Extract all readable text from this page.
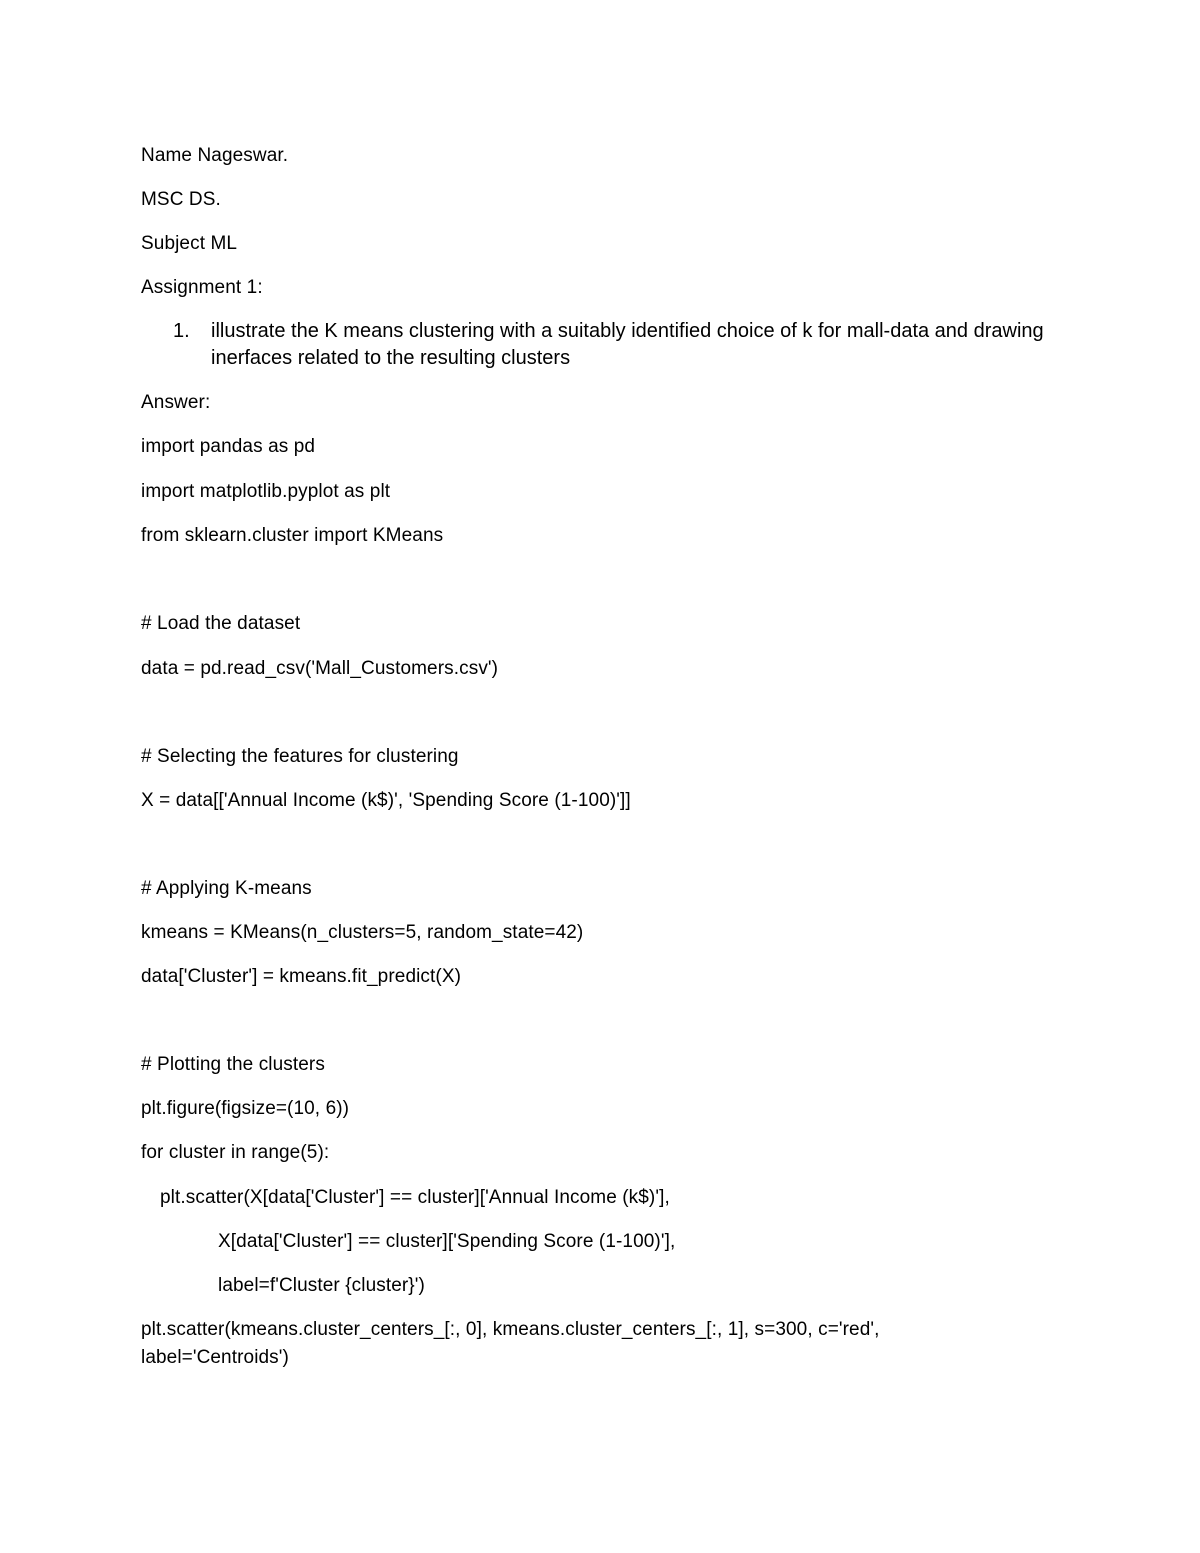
Name Nageswar.
MSC DS.
Subject ML
Assignment 1:
1. illustrate the K means clustering with a suitably identified choice of k for mall-data and drawing inerfaces related to the resulting clusters
Answer:
import pandas as pd
import matplotlib.pyplot as plt
from sklearn.cluster import KMeans
# Load the dataset
data = pd.read_csv('Mall_Customers.csv')
# Selecting the features for clustering
X = data[['Annual Income (k$)', 'Spending Score (1-100)']]
# Applying K-means
kmeans = KMeans(n_clusters=5, random_state=42)
data['Cluster'] = kmeans.fit_predict(X)
# Plotting the clusters
plt.figure(figsize=(10, 6))
for cluster in range(5):
plt.scatter(X[data['Cluster'] == cluster]['Annual Income (k$)'],
X[data['Cluster'] == cluster]['Spending Score (1-100)'],
label=f'Cluster {cluster}')
plt.scatter(kmeans.cluster_centers_[:, 0], kmeans.cluster_centers_[:, 1], s=300, c='red',
label='Centroids')
